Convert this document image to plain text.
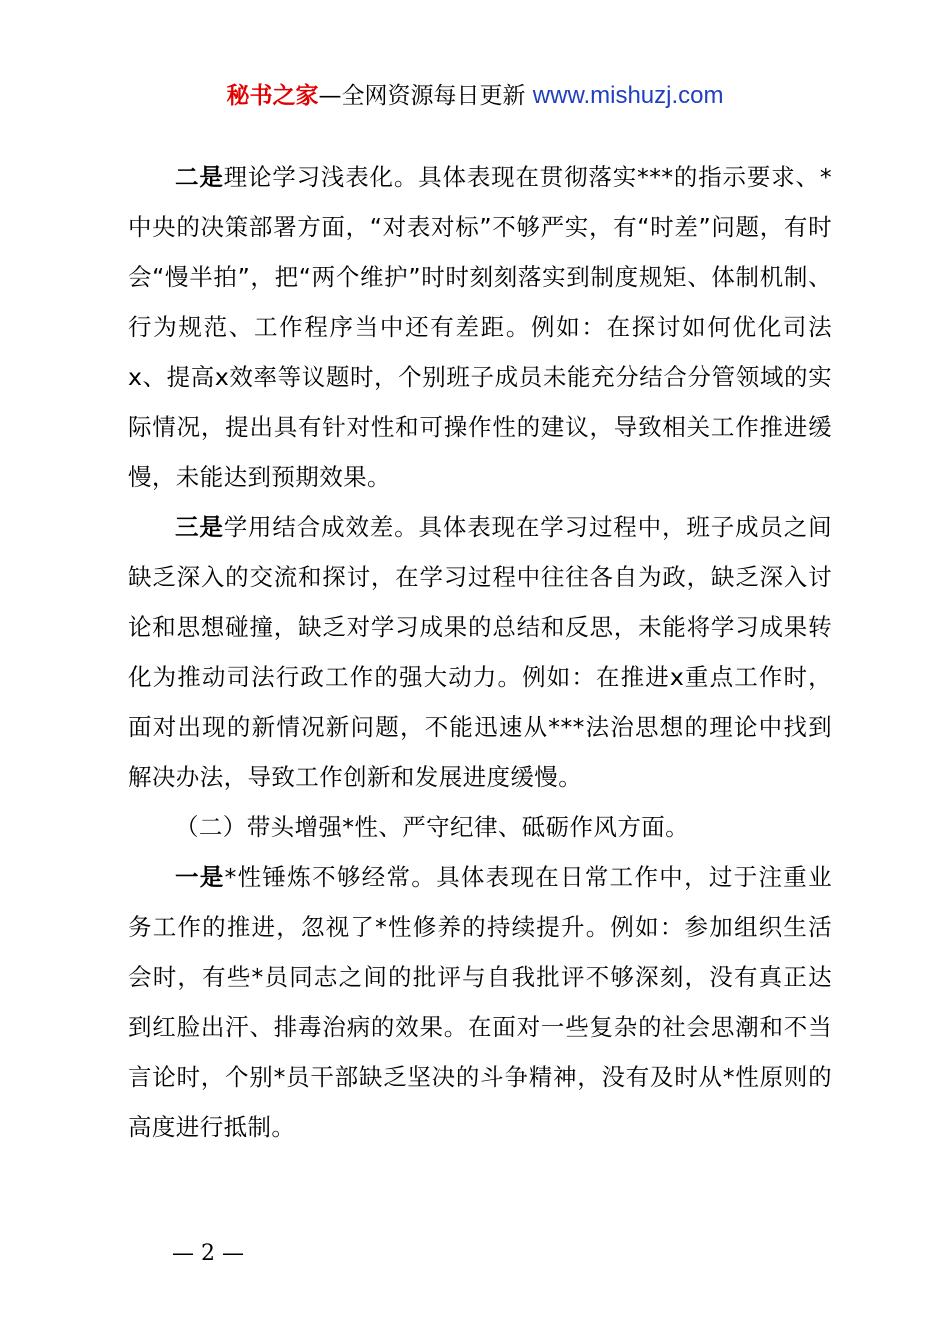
秘书之家—全网资源每日更新 www.mishuzj.com

二是理论学习浅表化。具体表现在贯彻落实***的指示要求、*中央的决策部署方面，“对表对标”不够严实，有“时差”问题，有时会“慢半拍”，把“两个维护”时时刻刻落实到制度规矩、体制机制、行为规范、工作程序当中还有差距。例如：在探讨如何优化司法x、提高x效率等议题时，个别班子成员未能充分结合分管领域的实际情况，提出具有针对性和可操作性的建议，导致相关工作推进缓慢，未能达到预期效果。

三是学用结合成效差。具体表现在学习过程中，班子成员之间缺乏深入的交流和探讨，在学习过程中往往各自为政，缺乏深入讨论和思想碰撞，缺乏对学习成果的总结和反思，未能将学习成果转化为推动司法行政工作的强大动力。例如：在推进x重点工作时，面对出现的新情况新问题，不能迅速从***法治思想的理论中找到解决办法，导致工作创新和发展进度缓慢。

（二）带头增强*性、严守纪律、砥砺作风方面。

一是*性锤炼不够经常。具体表现在日常工作中，过于注重业务工作的推进，忽视了*性修养的持续提升。例如：参加组织生活会时，有些*员同志之间的批评与自我批评不够深刻，没有真正达到红脸出汗、排毒治病的效果。在面对一些复杂的社会思潮和不当言论时，个别*员干部缺乏坚决的斗争精神，没有及时从*性原则的高度进行抵制。

— 2 —
